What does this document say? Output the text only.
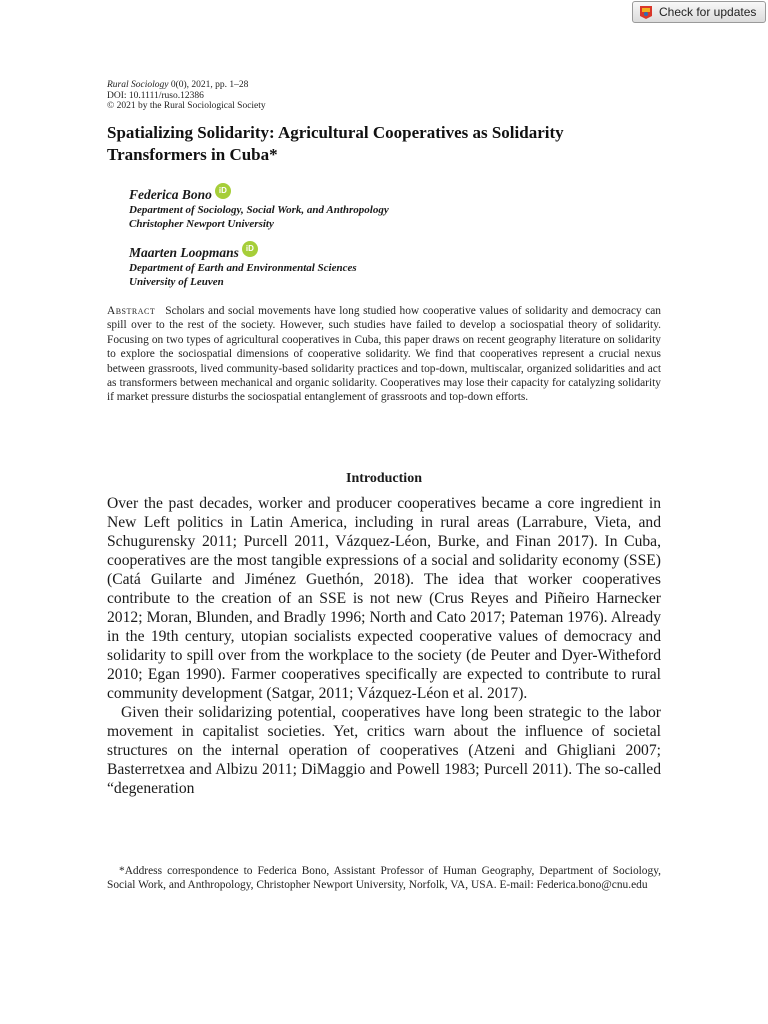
Check for updates
Rural Sociology 0(0), 2021, pp. 1–28
DOI: 10.1111/ruso.12386
© 2021 by the Rural Sociological Society
Spatializing Solidarity: Agricultural Cooperatives as Solidarity Transformers in Cuba*
Federica Bono iD
Department of Sociology, Social Work, and Anthropology
Christopher Newport University
Maarten Loopmans iD
Department of Earth and Environmental Sciences
University of Leuven

Abstract Scholars and social movements have long studied how cooperative values of solidarity and democracy can spill over to the rest of the society. However, such studies have failed to develop a sociospatial theory of solidarity. Focusing on two types of agricultural cooperatives in Cuba, this paper draws on recent geography literature on solidarity to explore the sociospatial dimensions of cooperative solidarity. We find that cooperatives represent a crucial nexus between grassroots, lived community-based solidarity practices and top-down, multiscalar, organized solidarities and act as transformers between mechanical and organic solidarity. Cooperatives may lose their capacity for catalyzing solidarity if market pressure disturbs the sociospatial entanglement of grassroots and top-down efforts.

Introduction

Over the past decades, worker and producer cooperatives became a core ingredient in New Left politics in Latin America, including in rural areas (Larrabure, Vieta, and Schugurensky 2011; Purcell 2011, Vázquez-Léon, Burke, and Finan 2017). In Cuba, cooperatives are the most tangible expressions of a social and solidarity economy (SSE) (Catá Guilarte and Jiménez Guethón, 2018). The idea that worker cooperatives contribute to the creation of an SSE is not new (Crus Reyes and Piñeiro Harnecker 2012; Moran, Blunden, and Bradly 1996; North and Cato 2017; Pateman 1976). Already in the 19th century, utopian socialists expected cooperative values of democracy and solidarity to spill over from the workplace to the society (de Peuter and Dyer-Witheford 2010; Egan 1990). Farmer cooperatives specifically are expected to contribute to rural community development (Satgar, 2011; Vázquez-Léon et al. 2017).

Given their solidarizing potential, cooperatives have long been strategic to the labor movement in capitalist societies. Yet, critics warn about the influence of societal structures on the internal operation of cooperatives (Atzeni and Ghigliani 2007; Basterretxea and Albizu 2011; DiMaggio and Powell 1983; Purcell 2011). The so-called “degeneration

*Address correspondence to Federica Bono, Assistant Professor of Human Geography, Department of Sociology, Social Work, and Anthropology, Christopher Newport University, Norfolk, VA, USA. E-mail: Federica.bono@cnu.edu
